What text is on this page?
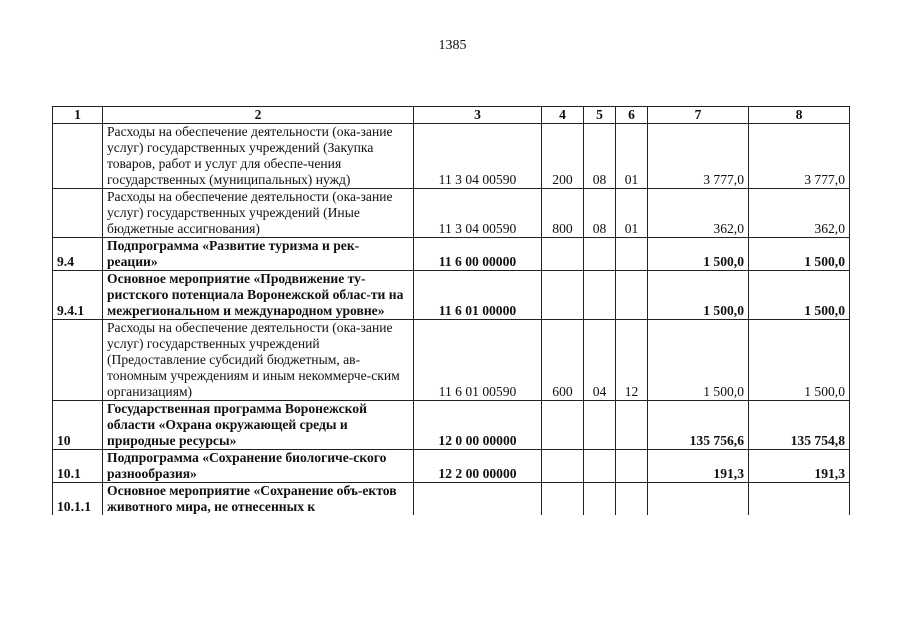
1385
1	2	3	4	5	6	7	8
	Расходы на обеспечение деятельности (ока-зание услуг) государственных учреждений (Закупка товаров, работ и услуг для обеспе-чения государственных (муниципальных) нужд)	11 3 04 00590	200	08	01	3 777,0	3 777,0
	Расходы на обеспечение деятельности (ока-зание услуг) государственных учреждений (Иные бюджетные ассигнования)	11 3 04 00590	800	08	01	362,0	362,0
9.4	Подпрограмма «Развитие туризма и рек-реации»	11 6 00 00000				1 500,0	1 500,0
9.4.1	Основное мероприятие «Продвижение ту-ристского потенциала Воронежской облас-ти на межрегиональном и международном уровне»	11 6 01 00000				1 500,0	1 500,0
	Расходы на обеспечение деятельности (ока-зание услуг) государственных учреждений (Предоставление субсидий бюджетным, ав-тономным учреждениям и иным некоммерче-ским организациям)	11 6 01 00590	600	04	12	1 500,0	1 500,0
10	Государственная программа Воронежской области «Охрана окружающей среды и природные ресурсы»	12 0 00 00000				135 756,6	135 754,8
10.1	Подпрограмма «Сохранение биологиче-ского разнообразия»	12 2 00 00000				191,3	191,3
10.1.1	Основное мероприятие «Сохранение объ-ектов животного мира, не отнесенных к						
